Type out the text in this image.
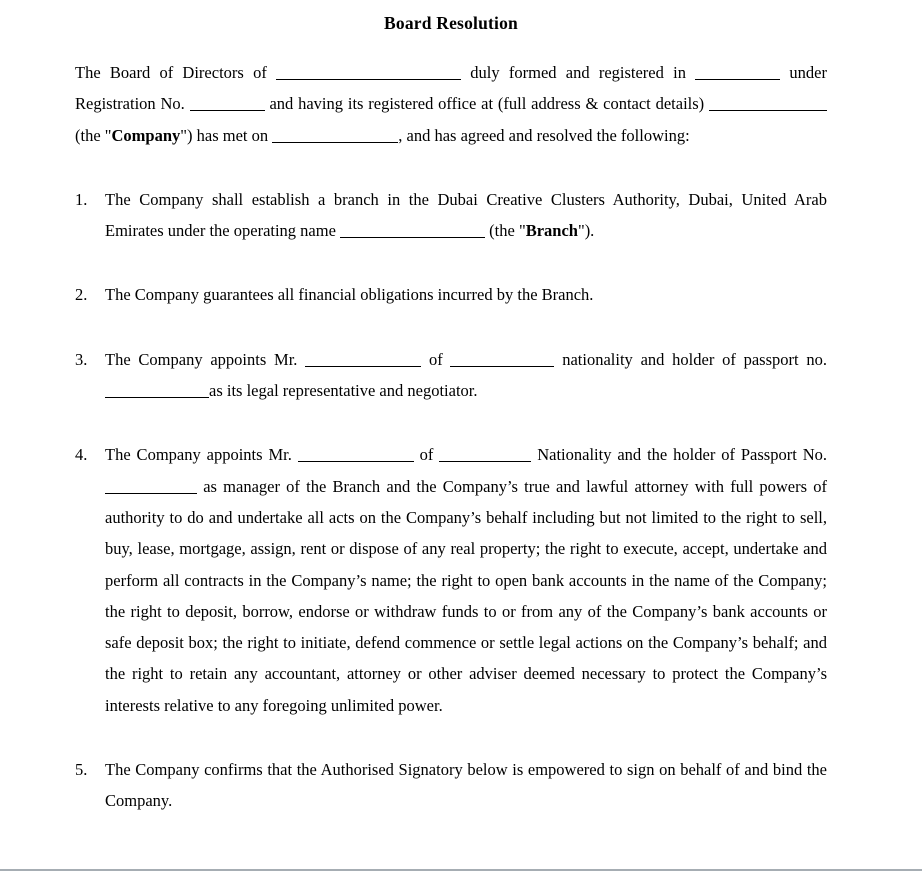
Board Resolution
The Board of Directors of	duly formed and registered in	under Registration No.	and having its registered office at (full address & contact details)  (the "Company") has met on	, and has agreed and resolved the following:
1.	The Company shall establish a branch in the Dubai Creative Clusters Authority, Dubai, United Arab Emirates under the operating name	(the "Branch").
2.	The Company guarantees all financial obligations incurred by the Branch.
3.	The Company appoints Mr.	of	nationality and holder of passport no. as its legal representative and negotiator.
4.	The Company appoints Mr.	of	Nationality and the holder of Passport No.  as manager of the Branch and the Company’s true and lawful attorney with full powers of authority to do and undertake all acts on the Company’s behalf including but not limited to the right to sell, buy, lease, mortgage, assign, rent or dispose of any real property; the right to execute, accept, undertake and perform all contracts in the Company’s name; the right to open bank accounts in the name of the Company; the right to deposit, borrow, endorse or withdraw funds to or from any of the Company’s bank accounts or safe deposit box; the right to initiate, defend commence or settle legal actions on the Company’s behalf; and the right to retain any accountant, attorney or other adviser deemed necessary to protect the Company’s interests relative to any foregoing unlimited power.
5.	The Company confirms that the Authorised Signatory below is empowered to sign on behalf of and bind the Company.
